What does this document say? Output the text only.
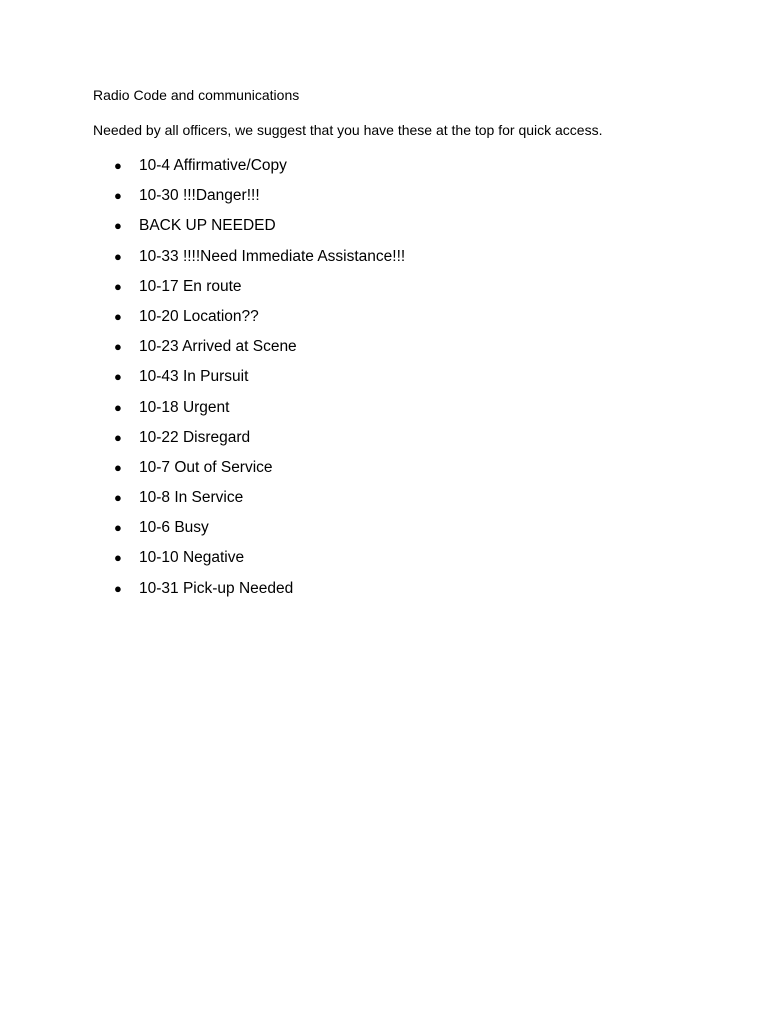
Radio Code and communications
Needed by all officers, we suggest that you have these at the top for quick access.
● 10-4 Affirmative/Copy
● 10-30 !!!Danger!!!
● BACK UP NEEDED
● 10-33 !!!!Need Immediate Assistance!!!
● 10-17 En route
● 10-20 Location??
● 10-23 Arrived at Scene
● 10-43 In Pursuit
● 10-18 Urgent
● 10-22 Disregard
● 10-7 Out of Service
● 10-8 In Service
● 10-6 Busy
● 10-10 Negative
● 10-31 Pick-up Needed
